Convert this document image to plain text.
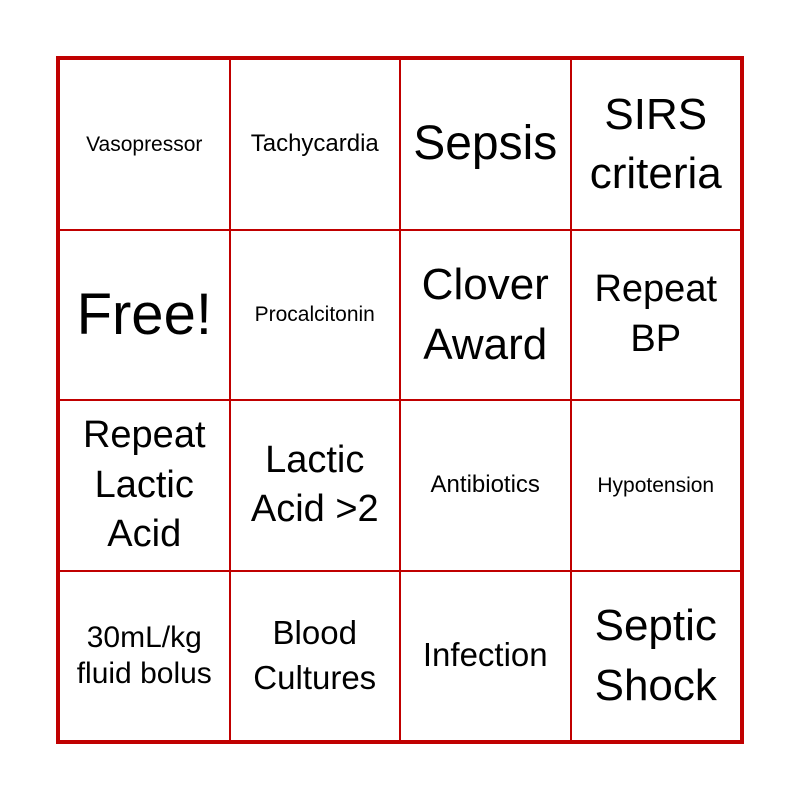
Vasopressor Tachycardia Sepsis
SIRS criteria
Free! Procalcitonin
Clover Award
Repeat BP
Repeat Lactic Acid
Lactic Acid >2
Antibiotics	Hypotension
30mL/kg fluid bolus
Blood Cultures
Infection
Septic Shock
